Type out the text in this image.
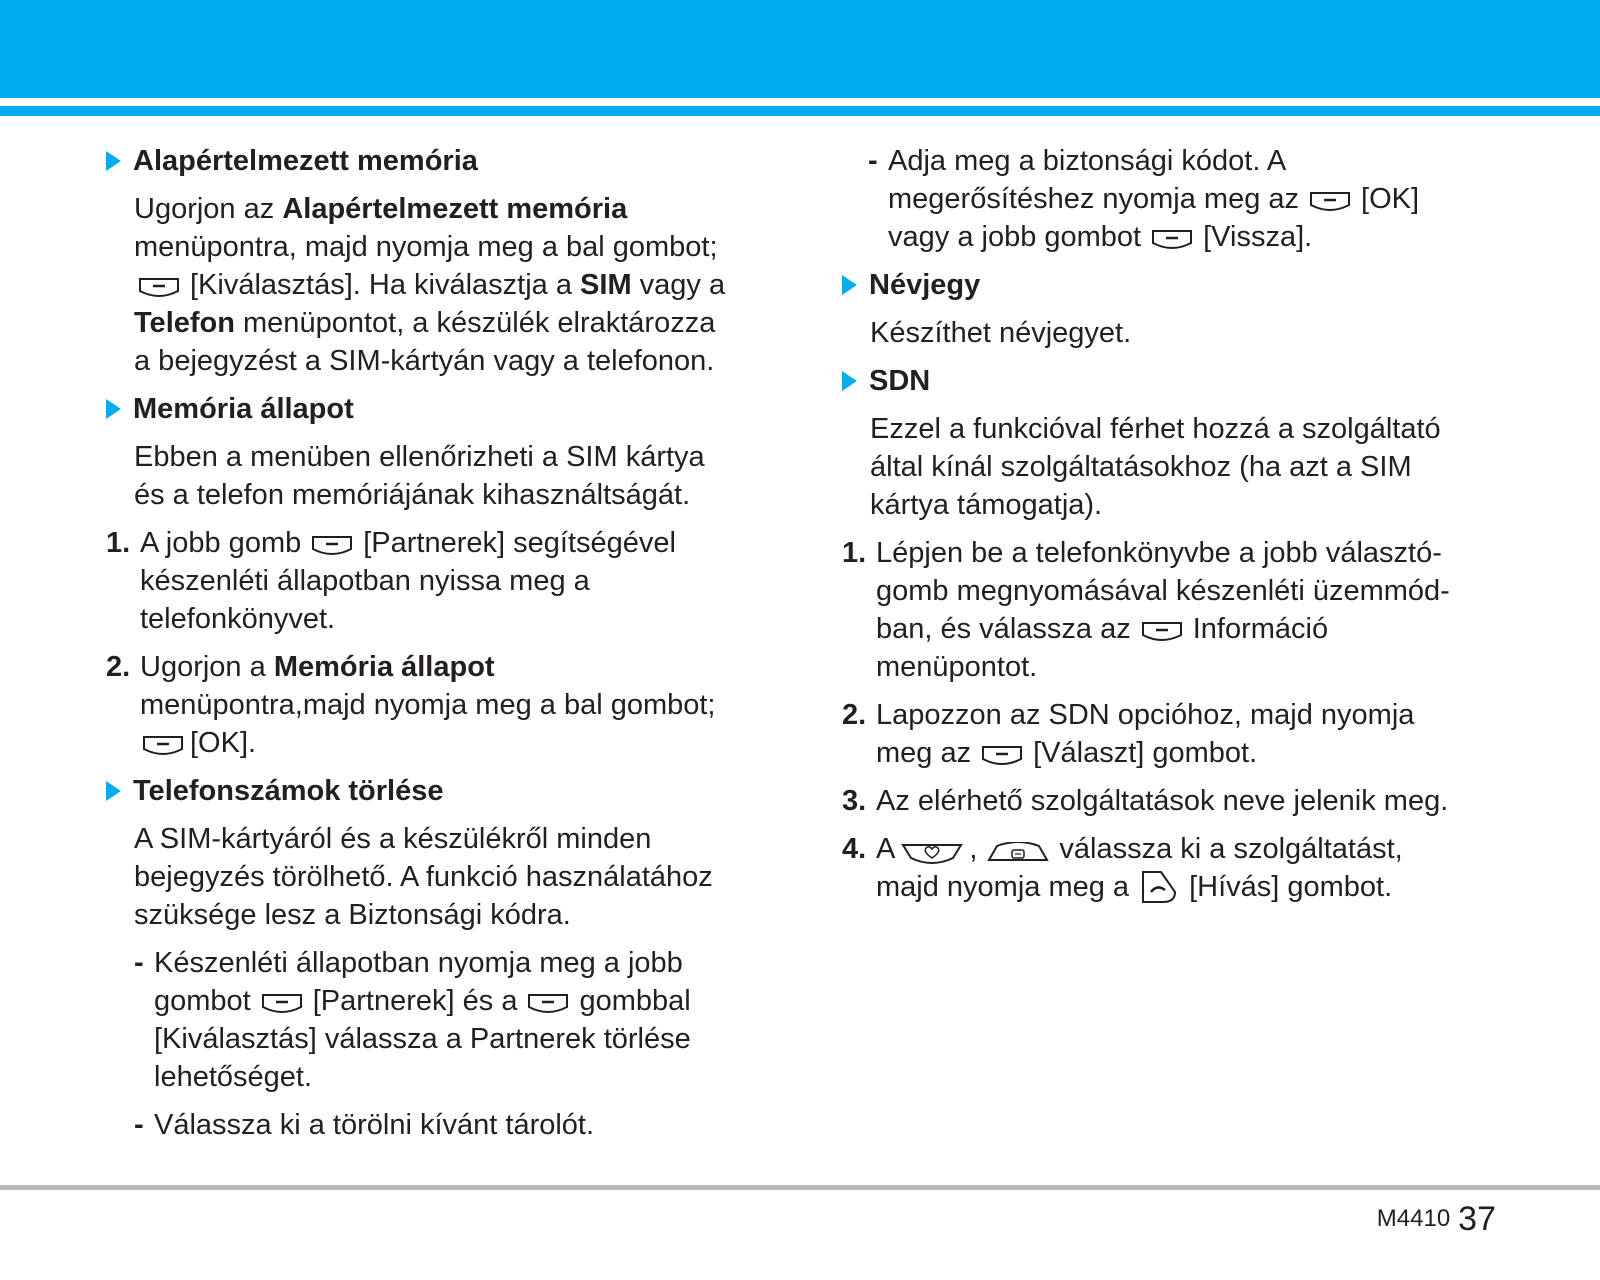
Alapértelmezett memória
Ugorjon az Alapértelmezett memória
menüpontra, majd nyomja meg a bal gombot;
[Kiválasztás]. Ha kiválasztja a SIM vagy a
Telefon menüpontot, a készülék elraktározza
a bejegyzést a SIM-kártyán vagy a telefonon.
Memória állapot
Ebben a menüben ellenőrizheti a SIM kártya
és a telefon memóriájának kihasználtságát.
1. A jobb gomb [Partnerek] segítségével
készenléti állapotban nyissa meg a
telefonkönyvet.
2. Ugorjon a Memória állapot
menüpontra,majd nyomja meg a bal gombot;
[OK].
Telefonszámok törlése
A SIM-kártyáról és a készülékről minden
bejegyzés törölhető. A funkció használatához
szüksége lesz a Biztonsági kódra.
- Készenléti állapotban nyomja meg a jobb
gombot [Partnerek] és a gombbal
[Kiválasztás] válassza a Partnerek törlése
lehetőséget.
- Válassza ki a törölni kívánt tárolót.
- Adja meg a biztonsági kódot. A
megerősítéshez nyomja meg az [OK]
vagy a jobb gombot [Vissza].
Névjegy
Készíthet névjegyet.
SDN
Ezzel a funkcióval férhet hozzá a szolgáltató
által kínál szolgáltatásokhoz (ha azt a SIM
kártya támogatja).
1. Lépjen be a telefonkönyvbe a jobb választó-
gomb megnyomásával készenléti üzemmód-
ban, és válassza az Információ
menüpontot.
2. Lapozzon az SDN opcióhoz, majd nyomja
meg az [Választ] gombot.
3. Az elérhető szolgáltatások neve jelenik meg.
4. A	,	válassza ki a szolgáltatást,
majd nyomja meg a [Hívás] gombot.
M4410 37
